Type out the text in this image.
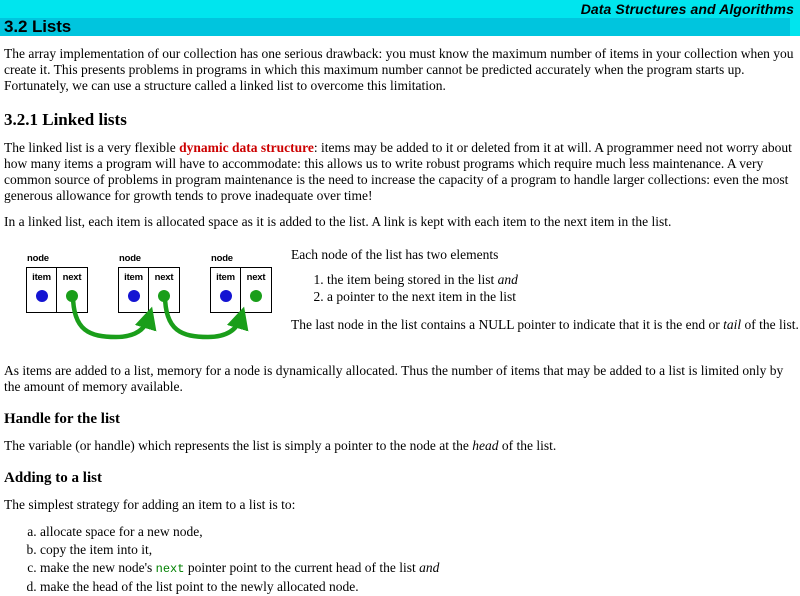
Data Structures and Algorithms
3.2 Lists

The array implementation of our collection has one serious drawback: you must know the maximum number of items in your collection when you create it. This presents problems in programs in which this maximum number cannot be predicted accurately when the program starts up. Fortunately, we can use a structure called a linked list to overcome this limitation.

3.2.1 Linked lists

The linked list is a very flexible dynamic data structure: items may be added to it or deleted from it at will. A programmer need not worry about how many items a program will have to accommodate: this allows us to write robust programs which require much less maintenance. A very common source of problems in program maintenance is the need to increase the capacity of a program to handle larger collections: even the most generous allowance for growth tends to prove inadequate over time!

In a linked list, each item is allocated space as it is added to the list. A link is kept with each item to the next item in the list.

node
item	next
node
item	next
node
item	next

Each node of the list has two elements

1. the item being stored in the list and
2. a pointer to the next item in the list

The last node in the list contains a NULL pointer to indicate that it is the end or tail of the list.

As items are added to a list, memory for a node is dynamically allocated. Thus the number of items that may be added to a list is limited only by the amount of memory available.

Handle for the list

The variable (or handle) which represents the list is simply a pointer to the node at the head of the list.

Adding to a list

The simplest strategy for adding an item to a list is to:

a. allocate space for a new node,
b. copy the item into it,
c. make the new node's next pointer point to the current head of the list and
d. make the head of the list point to the newly allocated node.
